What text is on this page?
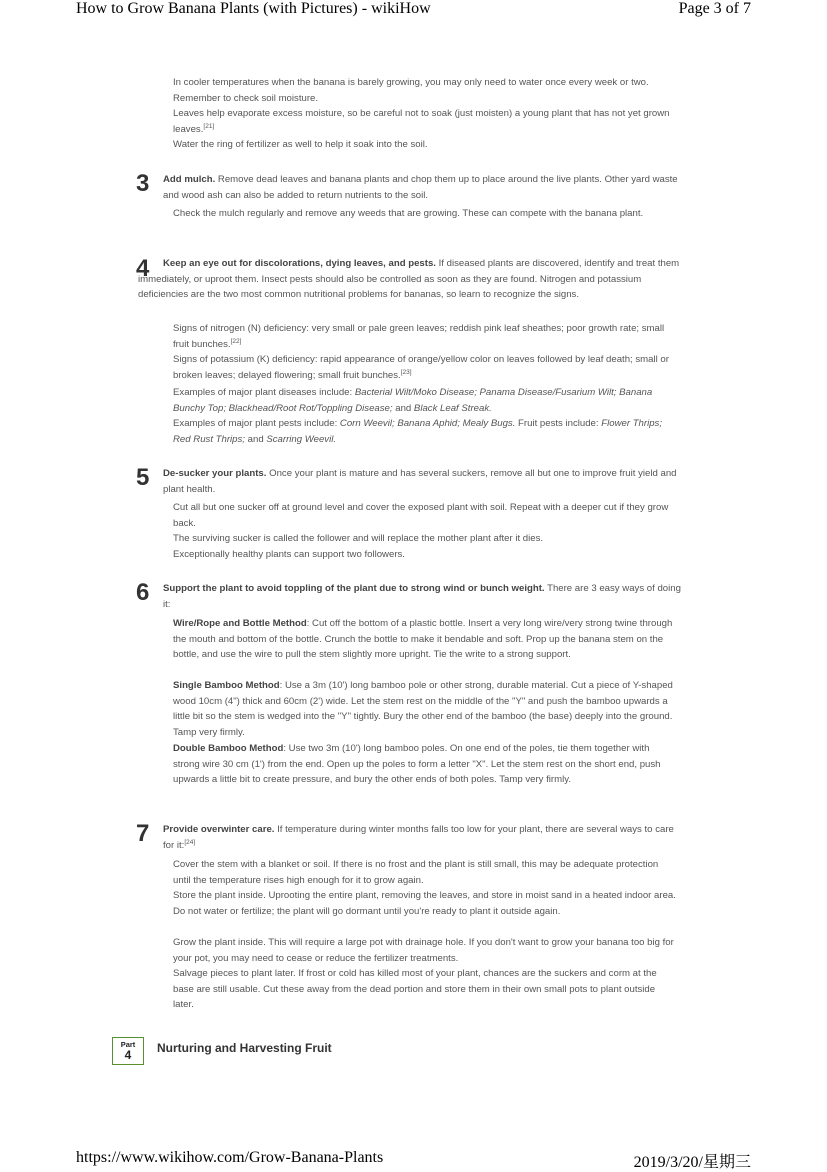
How to Grow Banana Plants (with Pictures) - wikiHow	Page 3 of 7
In cooler temperatures when the banana is barely growing, you may only need to water once every week or two. Remember to check soil moisture.
Leaves help evaporate excess moisture, so be careful not to soak (just moisten) a young plant that has not yet grown leaves.[21]
Water the ring of fertilizer as well to help it soak into the soil.
3	Add mulch. Remove dead leaves and banana plants and chop them up to place around the live plants. Other yard waste and wood ash can also be added to return nutrients to the soil.
Check the mulch regularly and remove any weeds that are growing. These can compete with the banana plant.
4	Keep an eye out for discolorations, dying leaves, and pests. If diseased plants are discovered, identify and treat them immediately, or uproot them. Insect pests should also be controlled as soon as they are found. Nitrogen and potassium deficiencies are the two most common nutritional problems for bananas, so learn to recognize the signs.
Signs of nitrogen (N) deficiency: very small or pale green leaves; reddish pink leaf sheathes; poor growth rate; small fruit bunches.[22]
Signs of potassium (K) deficiency: rapid appearance of orange/yellow color on leaves followed by leaf death; small or broken leaves; delayed flowering; small fruit bunches.[23]
Examples of major plant diseases include: Bacterial Wilt/Moko Disease; Panama Disease/Fusarium Wilt; Banana Bunchy Top; Blackhead/Root Rot/Toppling Disease; and Black Leaf Streak.
Examples of major plant pests include: Corn Weevil; Banana Aphid; Mealy Bugs. Fruit pests include: Flower Thrips; Red Rust Thrips; and Scarring Weevil.
5	De-sucker your plants. Once your plant is mature and has several suckers, remove all but one to improve fruit yield and plant health.
Cut all but one sucker off at ground level and cover the exposed plant with soil. Repeat with a deeper cut if they grow back.
The surviving sucker is called the follower and will replace the mother plant after it dies.
Exceptionally healthy plants can support two followers.
6	Support the plant to avoid toppling of the plant due to strong wind or bunch weight. There are 3 easy ways of doing it:
Wire/Rope and Bottle Method: Cut off the bottom of a plastic bottle. Insert a very long wire/very strong twine through the mouth and bottom of the bottle. Crunch the bottle to make it bendable and soft. Prop up the banana stem on the bottle, and use the wire to pull the stem slightly more upright. Tie the write to a strong support.
Single Bamboo Method: Use a 3m (10') long bamboo pole or other strong, durable material. Cut a piece of Y-shaped wood 10cm (4") thick and 60cm (2') wide. Let the stem rest on the middle of the "Y" and push the bamboo upwards a little bit so the stem is wedged into the "Y" tightly. Bury the other end of the bamboo (the base) deeply into the ground. Tamp very firmly.
Double Bamboo Method: Use two 3m (10') long bamboo poles. On one end of the poles, tie them together with strong wire 30 cm (1') from the end. Open up the poles to form a letter "X". Let the stem rest on the short end, push upwards a little bit to create pressure, and bury the other ends of both poles. Tamp very firmly.
7	Provide overwinter care. If temperature during winter months falls too low for your plant, there are several ways to care for it:[24]
Cover the stem with a blanket or soil. If there is no frost and the plant is still small, this may be adequate protection until the temperature rises high enough for it to grow again.
Store the plant inside. Uprooting the entire plant, removing the leaves, and store in moist sand in a heated indoor area. Do not water or fertilize; the plant will go dormant until you're ready to plant it outside again.
Grow the plant inside. This will require a large pot with drainage hole. If you don't want to grow your banana too big for your pot, you may need to cease or reduce the fertilizer treatments.
Salvage pieces to plant later. If frost or cold has killed most of your plant, chances are the suckers and corm at the base are still usable. Cut these away from the dead portion and store them in their own small pots to plant outside later.
Part
4 Nurturing and Harvesting Fruit
https://www.wikihow.com/Grow-Banana-Plants	2019/3/20/星期三
